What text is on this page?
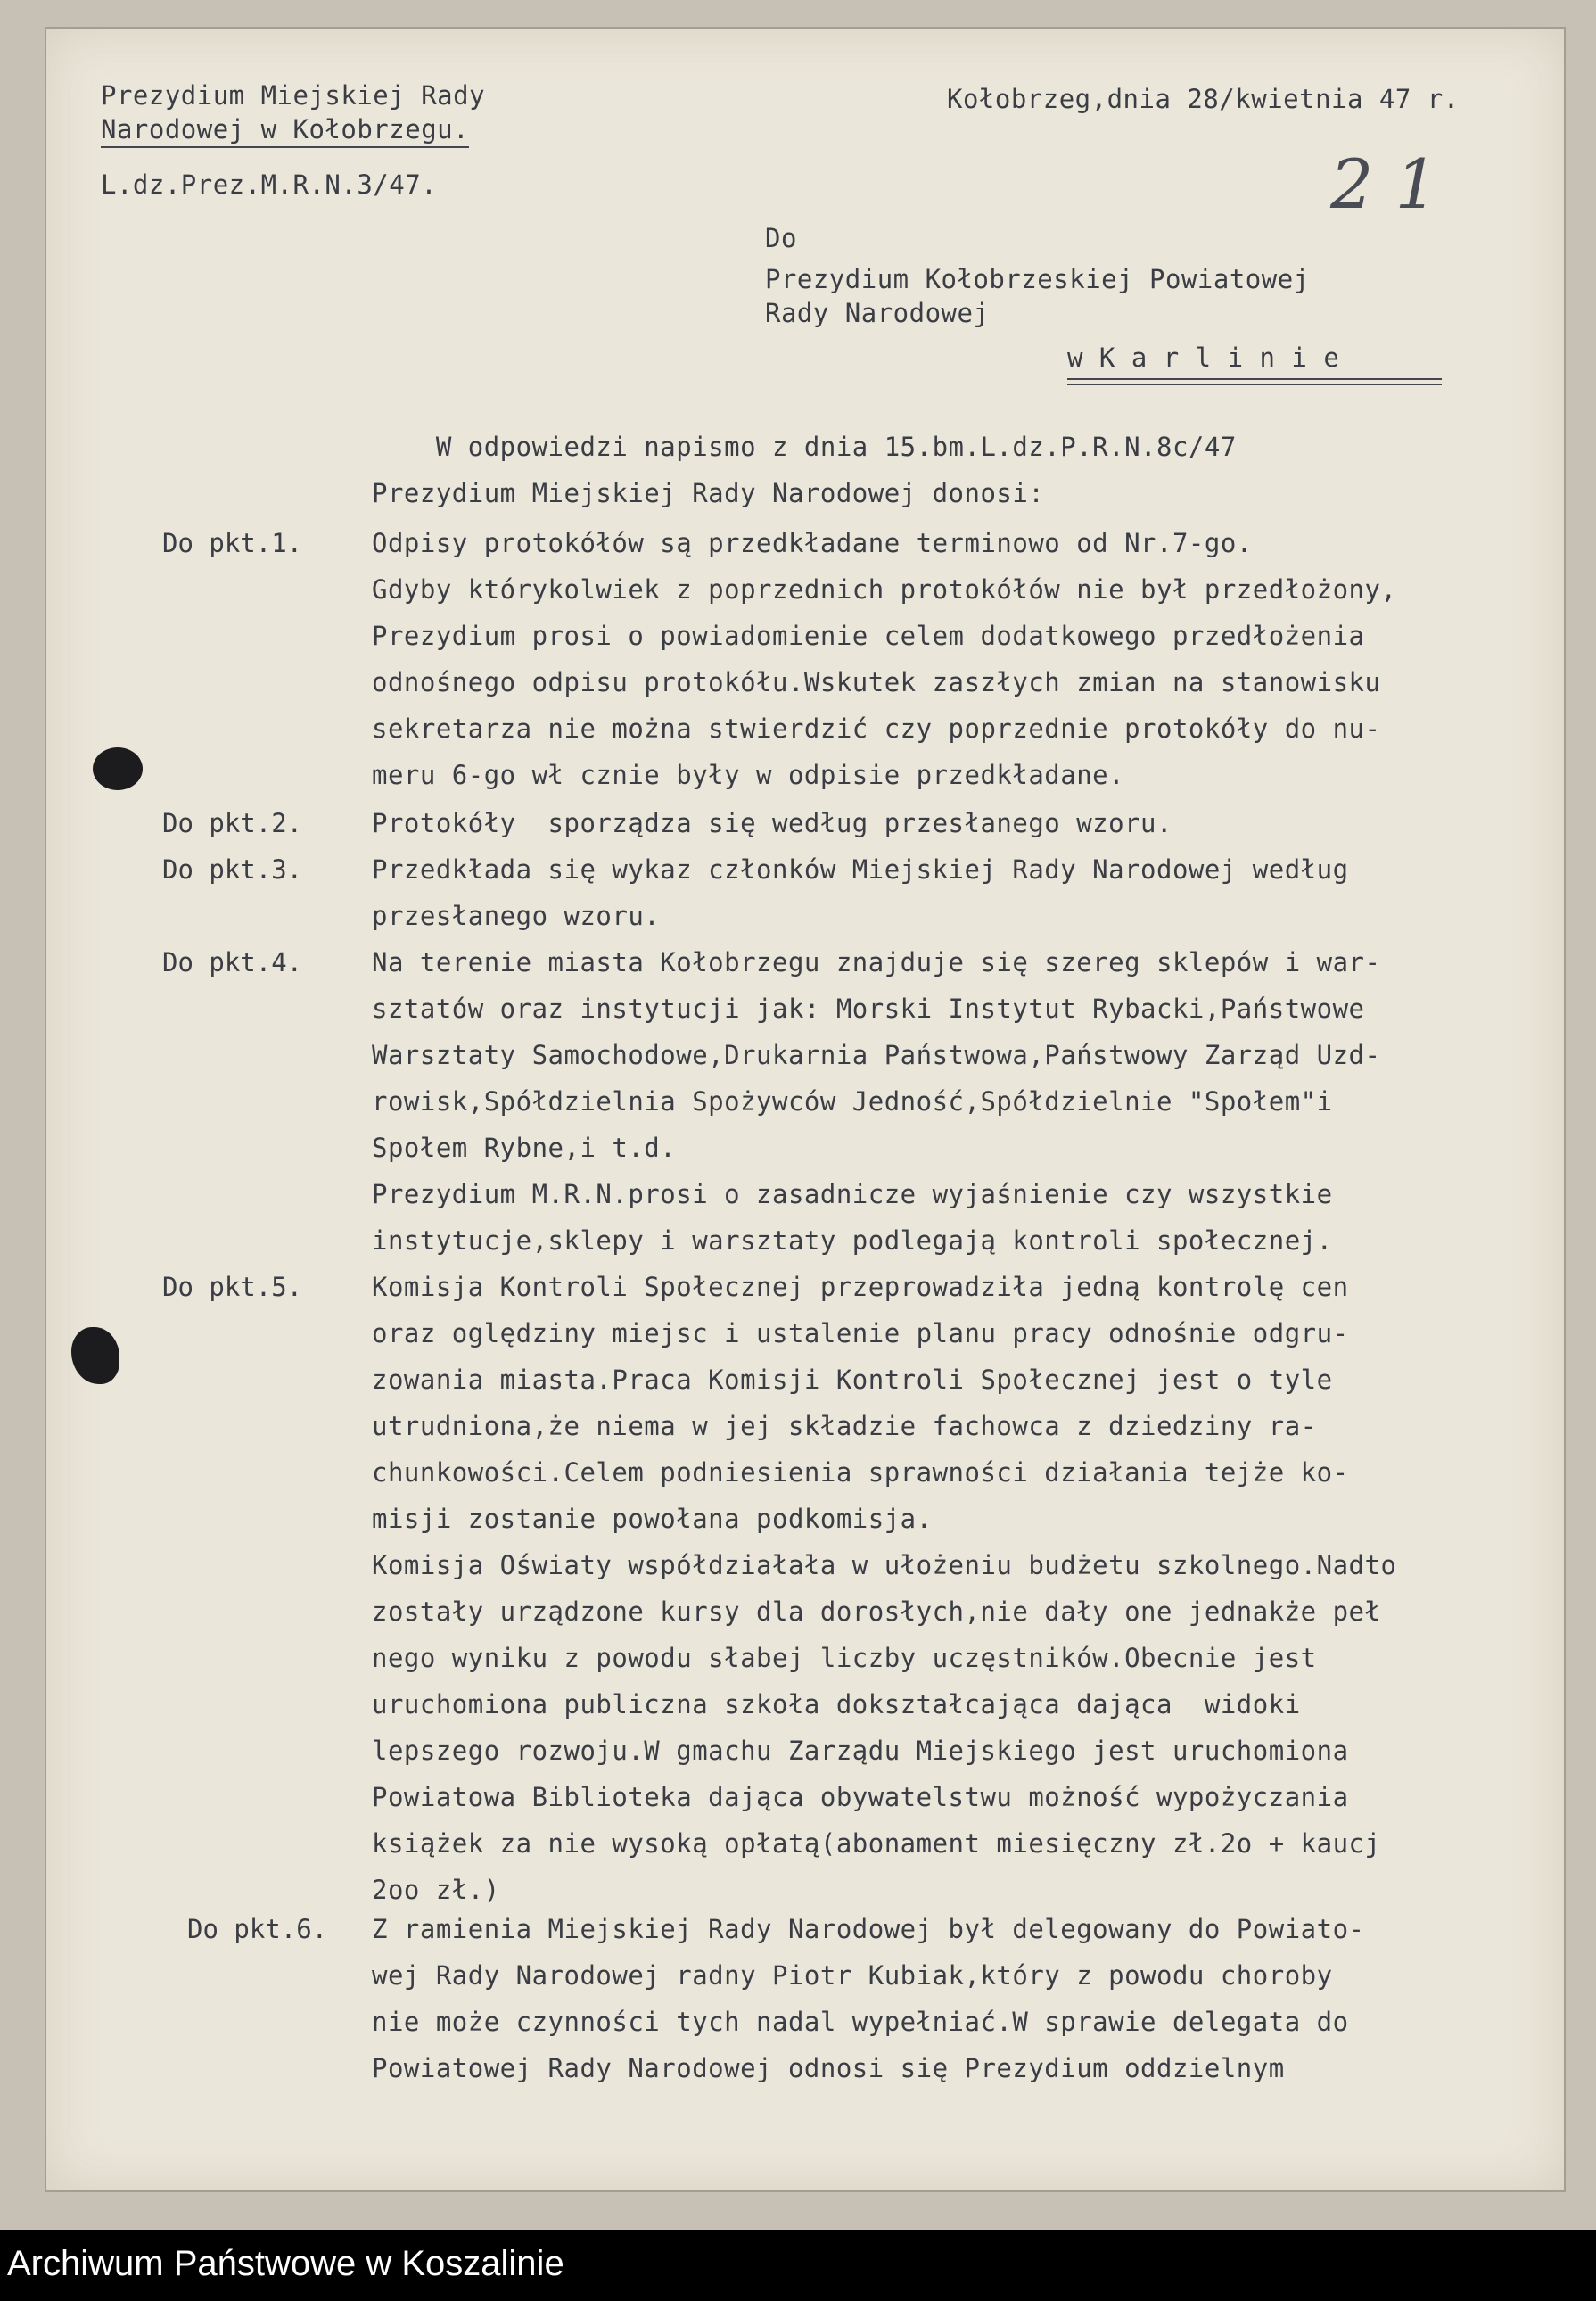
Prezydium Miejskiej Rady
Narodowej w Kołobrzegu.
L.dz.Prez.M.R.N.3/47.
Kołobrzeg,dnia 28/kwietnia 47 r.
2 1
Do
Prezydium Kołobrzeskiej Powiatowej
Rady Narodowej
w K a r l i n i e
Do pkt.1.
Do pkt.2.
Do pkt.3.
Do pkt.4.
Do pkt.5.
Do pkt.6.
W odpowiedzi napismo z dnia 15.bm.L.dz.P.R.N.8c/47
Prezydium Miejskiej Rady Narodowej donosi:
Odpisy protokółów są przedkładane terminowo od Nr.7-go.
Gdyby którykolwiek z poprzednich protokółów nie był przedłożony,
Prezydium prosi o powiadomienie celem dodatkowego przedłożenia
odnośnego odpisu protokółu.Wskutek zaszłych zmian na stanowisku
sekretarza nie można stwierdzić czy poprzednie protokóły do nu-
meru 6-go wł cznie były w odpisie przedkładane.
Protokóły  sporządza się według przesłanego wzoru.
Przedkłada się wykaz członków Miejskiej Rady Narodowej według
przesłanego wzoru.
Na terenie miasta Kołobrzegu znajduje się szereg sklepów i war-
sztatów oraz instytucji jak: Morski Instytut Rybacki,Państwowe
Warsztaty Samochodowe,Drukarnia Państwowa,Państwowy Zarząd Uzd-
rowisk,Spółdzielnia Spożywców Jedność,Spółdzielnie "Społem"i
Społem Rybne,i t.d.
Prezydium M.R.N.prosi o zasadnicze wyjaśnienie czy wszystkie
instytucje,sklepy i warsztaty podlegają kontroli społecznej.
Komisja Kontroli Społecznej przeprowadziła jedną kontrolę cen
oraz oględziny miejsc i ustalenie planu pracy odnośnie odgru-
zowania miasta.Praca Komisji Kontroli Społecznej jest o tyle
utrudniona,że niema w jej składzie fachowca z dziedziny ra-
chunkowości.Celem podniesienia sprawności działania tejże ko-
misji zostanie powołana podkomisja.
Komisja Oświaty współdziałała w ułożeniu budżetu szkolnego.Nadto
zostały urządzone kursy dla dorosłych,nie dały one jednakże peł
nego wyniku z powodu słabej liczby uczęstników.Obecnie jest
uruchomiona publiczna szkoła dokształcająca dająca  widoki
lepszego rozwoju.W gmachu Zarządu Miejskiego jest uruchomiona
Powiatowa Biblioteka dająca obywatelstwu możność wypożyczania
książek za nie wysoką opłatą(abonament miesięczny zł.2o + kaucj
2oo zł.)
Z ramienia Miejskiej Rady Narodowej był delegowany do Powiato-
wej Rady Narodowej radny Piotr Kubiak,który z powodu choroby
nie może czynności tych nadal wypełniać.W sprawie delegata do
Powiatowej Rady Narodowej odnosi się Prezydium oddzielnym
Archiwum Państwowe w Koszalinie
